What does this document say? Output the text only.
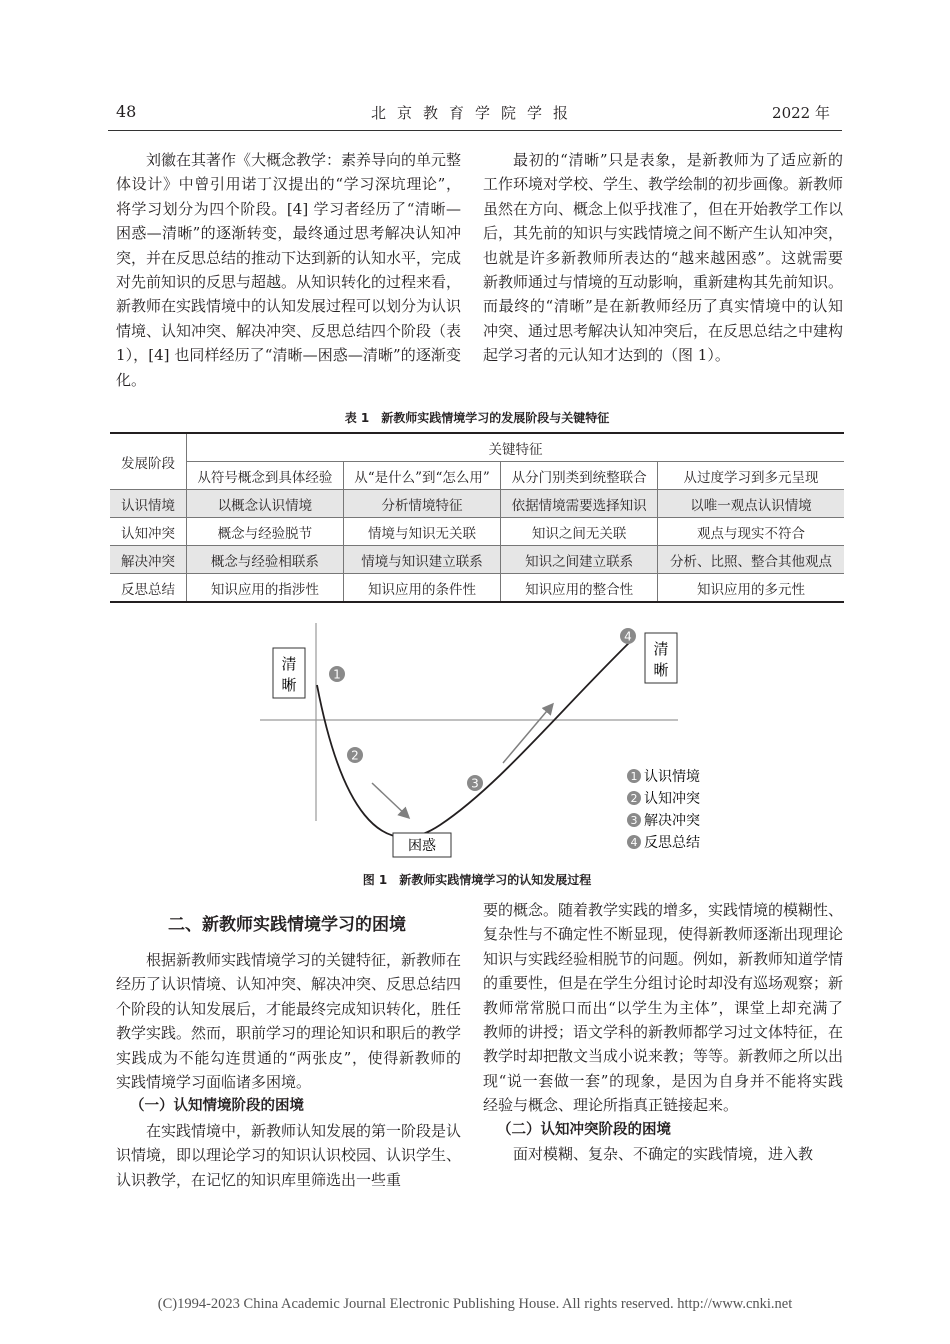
48	北京教育学院学报	2022 年

刘徽在其著作《大概念教学：素养导向的单元整体设计》中曾引用诺丁汉提出的“学习深坑理论”，将学习划分为四个阶段。[4] 学习者经历了“清晰—困惑—清晰”的逐渐转变，最终通过思考解决认知冲突，并在反思总结的推动下达到新的认知水平，完成对先前知识的反思与超越。从知识转化的过程来看，新教师在实践情境中的认知发展过程可以划分为认识情境、认知冲突、解决冲突、反思总结四个阶段（表 1），[4] 也同样经历了“清晰—困惑—清晰”的逐渐变化。

最初的“清晰”只是表象，是新教师为了适应新的工作环境对学校、学生、教学绘制的初步画像。新教师虽然在方向、概念上似乎找准了，但在开始教学工作以后，其先前的知识与实践情境之间不断产生认知冲突，也就是许多新教师所表达的“越来越困惑”。这就需要新教师通过与情境的互动影响，重新建构其先前知识。而最终的“清晰”是在新教师经历了真实情境中的认知冲突、通过思考解决认知冲突后，在反思总结之中建构起学习者的元认知才达到的（图 1）。

表 1 新教师实践情境学习的发展阶段与关键特征
发展阶段	关键特征			
	从符号概念到具体经验	从“是什么”到“怎么用”	从分门别类到统整联合	从过度学习到多元呈现
认识情境	以概念认识情境	分析情境特征	依据情境需要选择知识	以唯一观点认识情境
认知冲突	概念与经验脱节	情境与知识无关联	知识之间无关联	观点与现实不符合
解决冲突	概念与经验相联系	情境与知识建立联系	知识之间建立联系	分析、比照、整合其他观点
反思总结	知识应用的指涉性	知识应用的条件性	知识应用的整合性	知识应用的多元性
清
晰
清
晰
困惑
1
2
3
4
1 认识情境
2 认知冲突
3 解决冲突
4 反思总结
图 1 新教师实践情境学习的认知发展过程
二、新教师实践情境学习的困境

根据新教师实践情境学习的关键特征，新教师在经历了认识情境、认知冲突、解决冲突、反思总结四个阶段的认知发展后，才能最终完成知识转化，胜任教学实践。然而，职前学习的理论知识和职后的教学实践成为不能勾连贯通的“两张皮”，使得新教师的实践情境学习面临诸多困境。

（一）认知情境阶段的困境

在实践情境中，新教师认知发展的第一阶段是认识情境，即以理论学习的知识认识校园、认识学生、认识教学，在记忆的知识库里筛选出一些重

要的概念。随着教学实践的增多，实践情境的模糊性、复杂性与不确定性不断显现，使得新教师逐渐出现理论知识与实践经验相脱节的问题。例如，新教师知道学情的重要性，但是在学生分组讨论时却没有巡场观察；新教师常常脱口而出“以学生为主体”，课堂上却充满了教师的讲授；语文学科的新教师都学习过文体特征，在教学时却把散文当成小说来教；等等。新教师之所以出现“说一套做一套”的现象，是因为自身并不能将实践经验与概念、理论所指真正链接起来。

（二）认知冲突阶段的困境

面对模糊、复杂、不确定的实践情境，进入教

(C)1994-2023 China Academic Journal Electronic Publishing House. All rights reserved. http://www.cnki.net
